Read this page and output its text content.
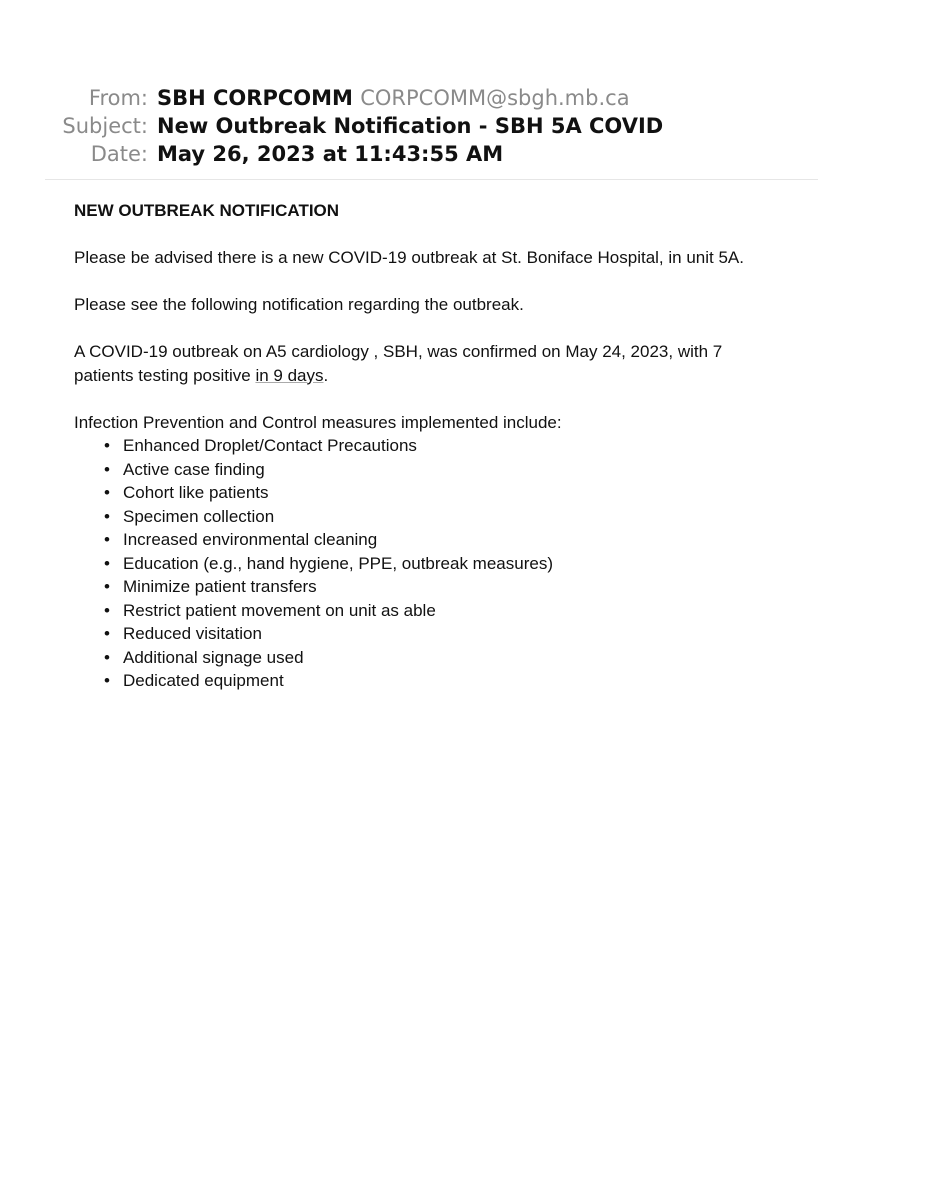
From: SBH CORPCOMM CORPCOMM@sbgh.mb.ca
Subject: New Outbreak Notification - SBH 5A COVID
Date: May 26, 2023 at 11:43:55 AM

NEW OUTBREAK NOTIFICATION

Please be advised there is a new COVID-19 outbreak at St. Boniface Hospital, in unit 5A.

Please see the following notification regarding the outbreak.

A COVID-19 outbreak on A5 cardiology , SBH, was confirmed on May 24, 2023, with 7
patients testing positive in 9 days.

Infection Prevention and Control measures implemented include:
• Enhanced Droplet/Contact Precautions
• Active case finding
• Cohort like patients
• Specimen collection
• Increased environmental cleaning
• Education (e.g., hand hygiene, PPE, outbreak measures)
• Minimize patient transfers
• Restrict patient movement on unit as able
• Reduced visitation
• Additional signage used
• Dedicated equipment
